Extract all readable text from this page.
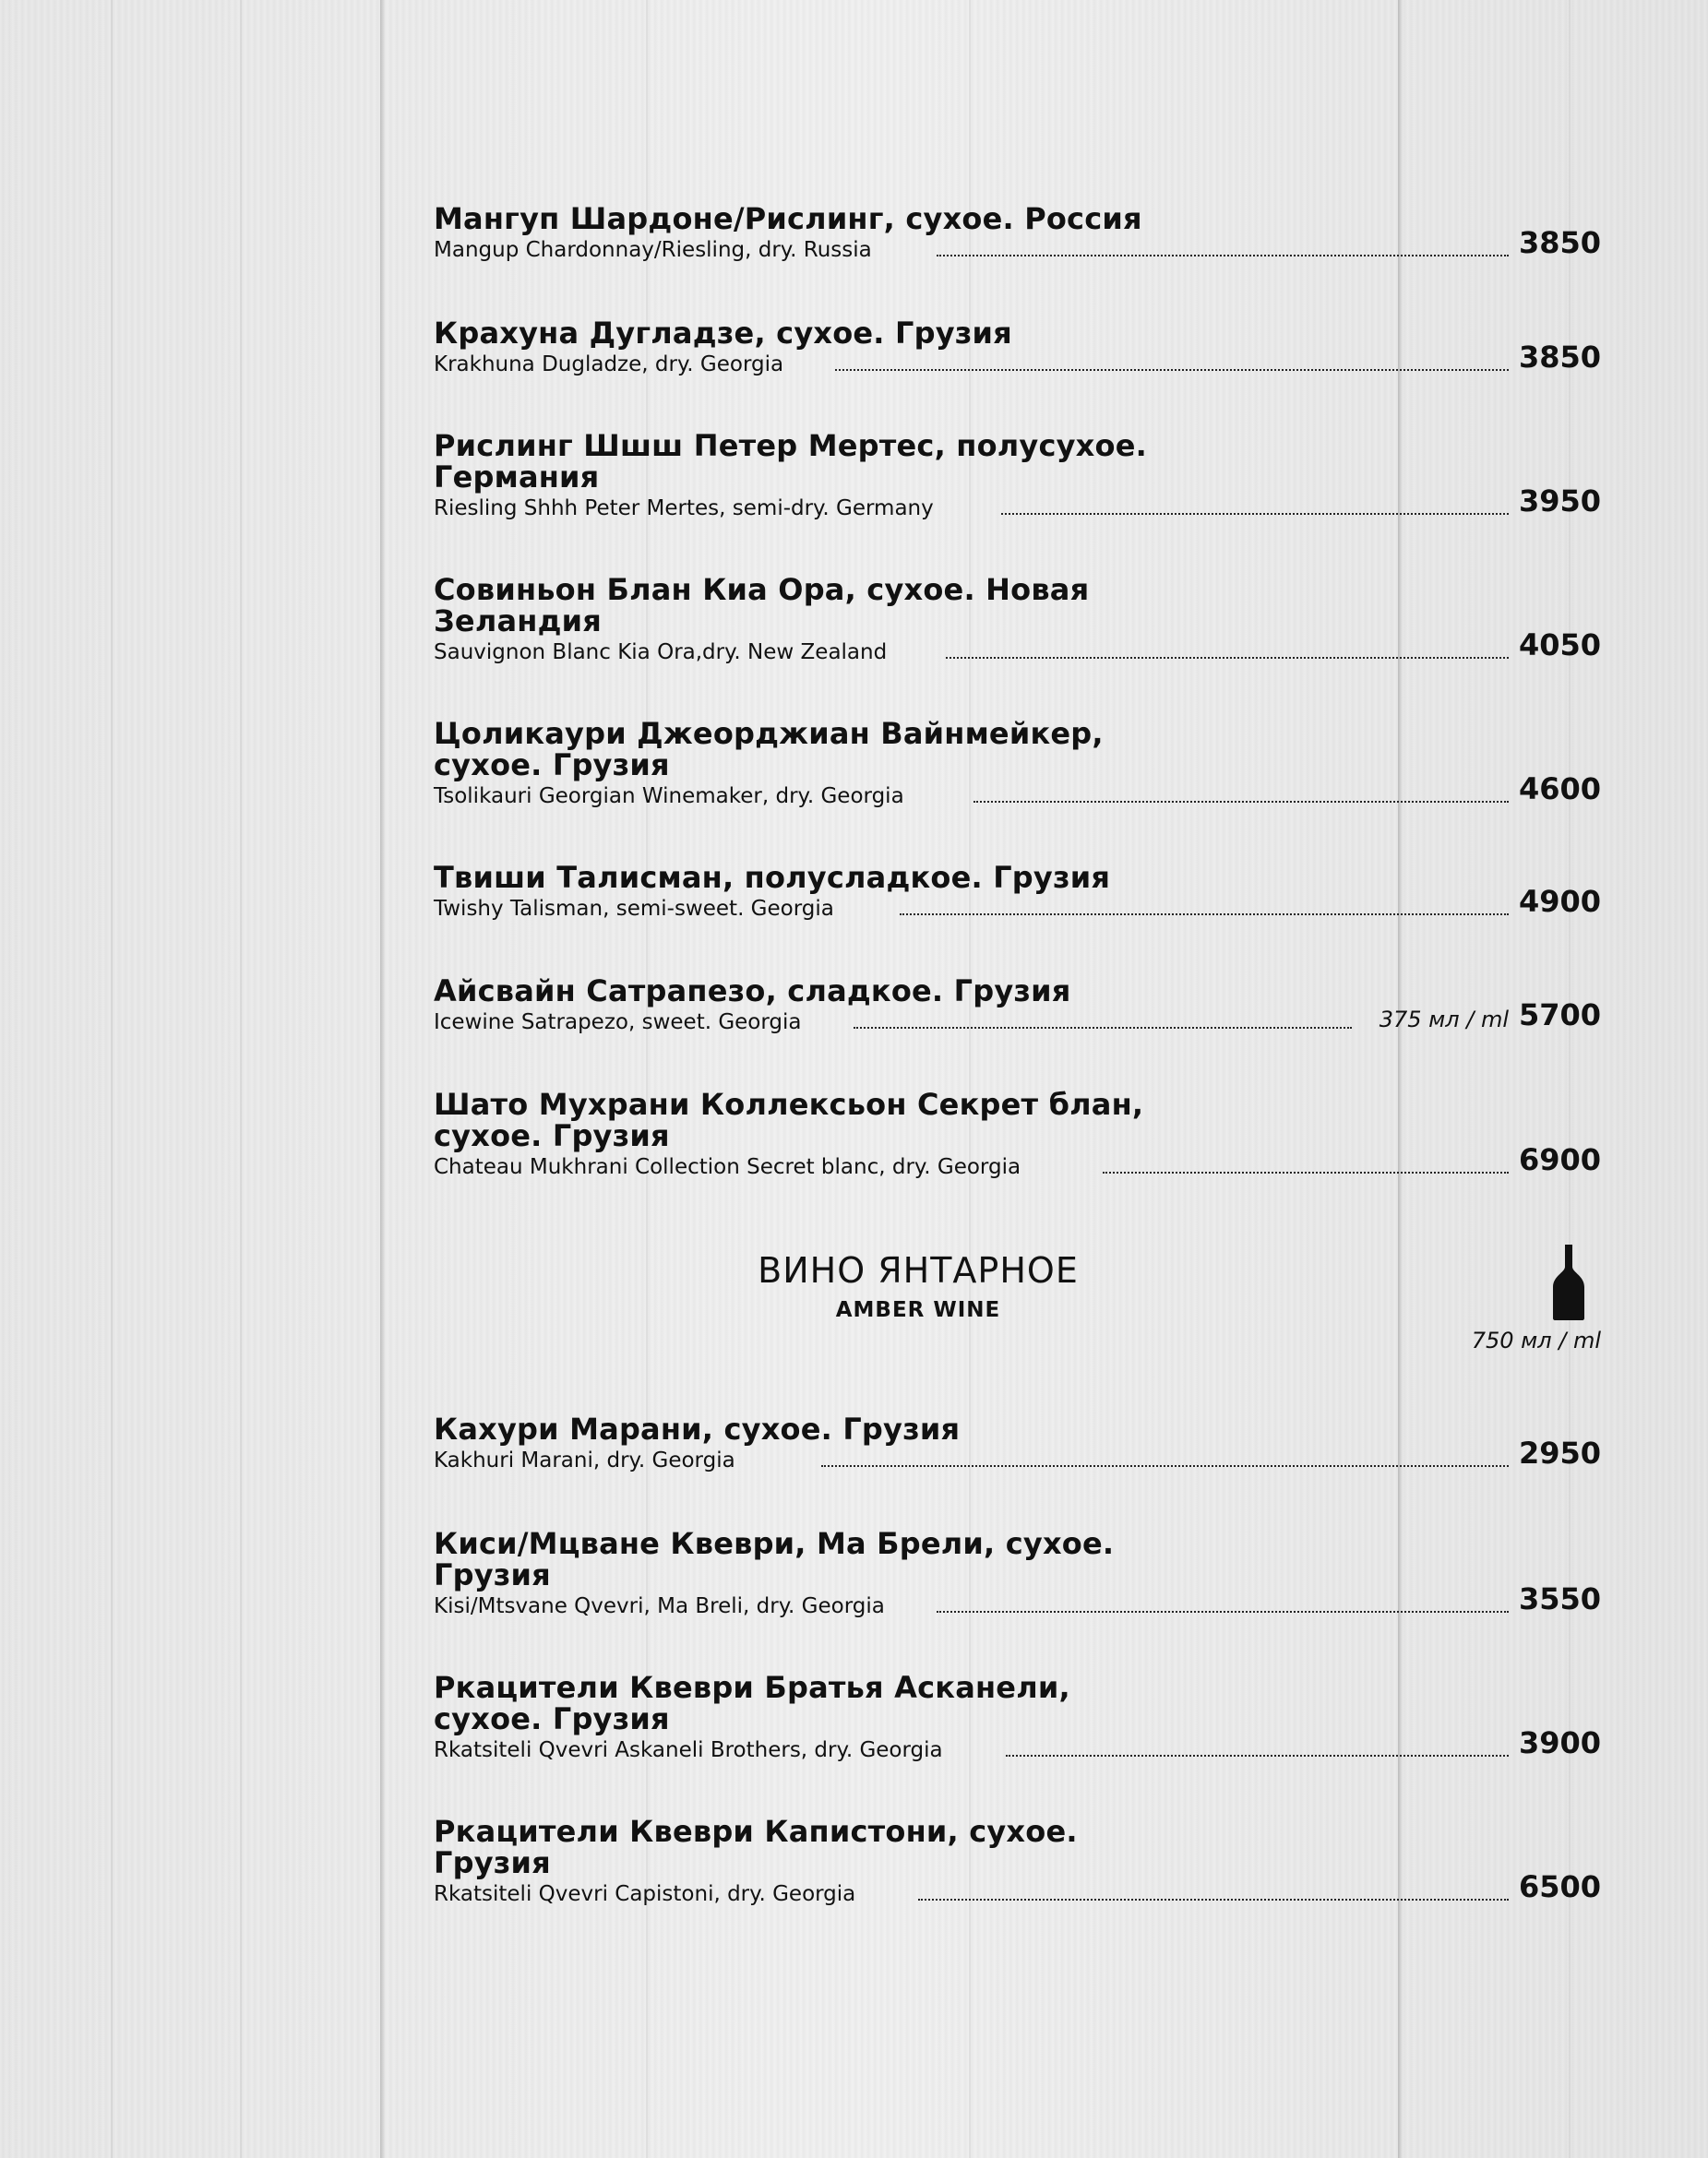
Мангуп Шардоне/Рислинг, сухое. Россия
Mangup Chardonnay/Riesling, dry. Russia	3850
Крахуна Дугладзе, сухое. Грузия
Krakhuna Dugladze, dry. Georgia	3850
Рислинг Шшш Петер Мертес, полусухое. Германия
Riesling Shhh Peter Mertes, semi-dry. Germany	3950
Совиньон Блан Киа Ора, сухое. Новая Зеландия
Sauvignon Blanc Kia Ora,dry. New Zealand	4050
Цоликаури Джеорджиан Вайнмейкер, сухое. Грузия
Tsolikauri Georgian Winemaker, dry. Georgia	4600
Твиши Талисман, полусладкое. Грузия
Twishy Talisman, semi-sweet. Georgia	4900
Айсвайн Сатрапезо, сладкое. Грузия
Icewine Satrapezo, sweet. Georgia	375 мл / ml 5700
Шато Мухрани Коллексьон Секрет блан, сухое. Грузия
Chateau Mukhrani Collection Secret blanc, dry. Georgia	6900
ВИНО ЯНТАРНОЕ
AMBER WINE
750 мл / ml
Кахури Марани, сухое. Грузия
Kakhuri Marani, dry. Georgia	2950
Киси/Мцване Квеври, Ма Брели, сухое. Грузия
Kisi/Mtsvane Qvevri, Ma Breli, dry. Georgia	3550
Ркацители Квеври Братья Асканели, сухое. Грузия
Rkatsiteli Qvevri Askaneli Brothers, dry. Georgia	3900
Ркацители Квеври Капистони, сухое. Грузия
Rkatsiteli Qvevri Capistoni, dry. Georgia	6500
